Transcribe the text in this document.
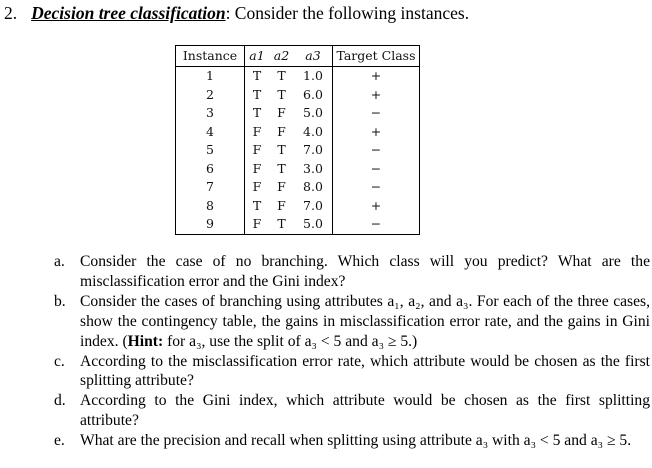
2. Decision tree classification: Consider the following instances.
Instance	a1	a2	a3	Target Class
1	T	T	1.0	+
2	T	T	6.0	+
3	T	F	5.0	−
4	F	F	4.0	+
5	F	T	7.0	−
6	F	T	3.0	−
7	F	F	8.0	−
8	T	F	7.0	+
9	F	T	5.0	−
a. Consider the case of no branching. Which class will you predict? What are the misclassification error and the Gini index?
b. Consider the cases of branching using attributes a₁, a₂, and a₃. For each of the three cases, show the contingency table, the gains in misclassification error rate, and the gains in Gini index. (Hint: for a₃, use the split of a₃ < 5 and a₃ ≥ 5.)
c. According to the misclassification error rate, which attribute would be chosen as the first splitting attribute?
d. According to the Gini index, which attribute would be chosen as the first splitting attribute?
e. What are the precision and recall when splitting using attribute a₃ with a₃ < 5 and a₃ ≥ 5.
